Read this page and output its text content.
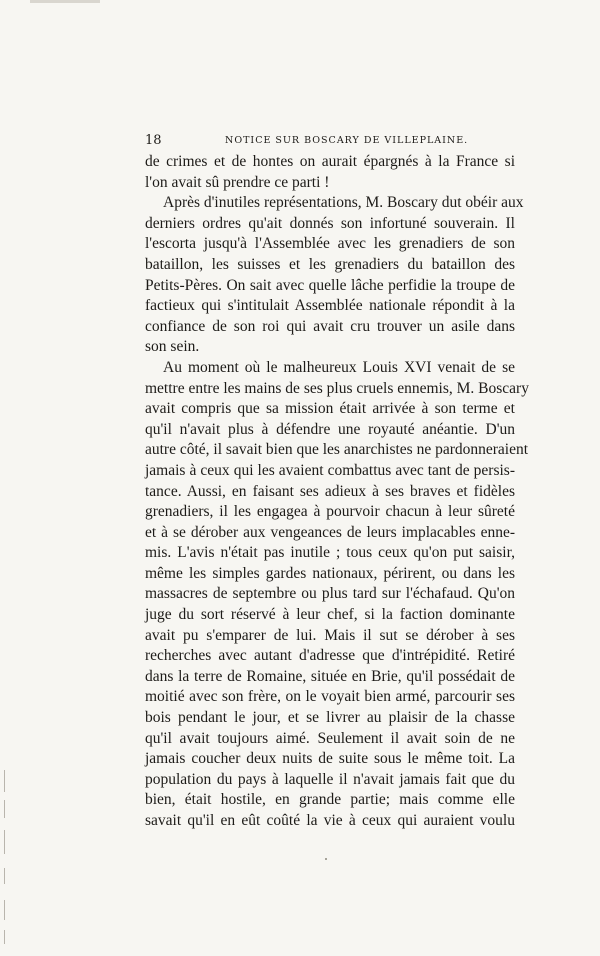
18	NOTICE SUR BOSCARY DE VILLEPLAINE.
de crimes et de hontes on aurait épargnés à la France si
l'on avait sû prendre ce parti !
Après d'inutiles représentations, M. Boscary dut obéir aux
derniers ordres qu'ait donnés son infortuné souverain. Il
l'escorta jusqu'à l'Assemblée avec les grenadiers de son
bataillon, les suisses et les grenadiers du bataillon des
Petits-Pères. On sait avec quelle lâche perfidie la troupe de
factieux qui s'intitulait Assemblée nationale répondit à la
confiance de son roi qui avait cru trouver un asile dans
son sein.
Au moment où le malheureux Louis XVI venait de se
mettre entre les mains de ses plus cruels ennemis, M. Boscary
avait compris que sa mission était arrivée à son terme et
qu'il n'avait plus à défendre une royauté anéantie. D'un
autre côté, il savait bien que les anarchistes ne pardonneraient
jamais à ceux qui les avaient combattus avec tant de persis-
tance. Aussi, en faisant ses adieux à ses braves et fidèles
grenadiers, il les engagea à pourvoir chacun à leur sûreté
et à se dérober aux vengeances de leurs implacables enne-
mis. L'avis n'était pas inutile ; tous ceux qu'on put saisir,
même les simples gardes nationaux, périrent, ou dans les
massacres de septembre ou plus tard sur l'échafaud. Qu'on
juge du sort réservé à leur chef, si la faction dominante
avait pu s'emparer de lui. Mais il sut se dérober à ses
recherches avec autant d'adresse que d'intrépidité. Retiré
dans la terre de Romaine, située en Brie, qu'il possédait de
moitié avec son frère, on le voyait bien armé, parcourir ses
bois pendant le jour, et se livrer au plaisir de la chasse
qu'il avait toujours aimé. Seulement il avait soin de ne
jamais coucher deux nuits de suite sous le même toit. La
population du pays à laquelle il n'avait jamais fait que du
bien, était hostile, en grande partie; mais comme elle
savait qu'il en eût coûté la vie à ceux qui auraient voulu
